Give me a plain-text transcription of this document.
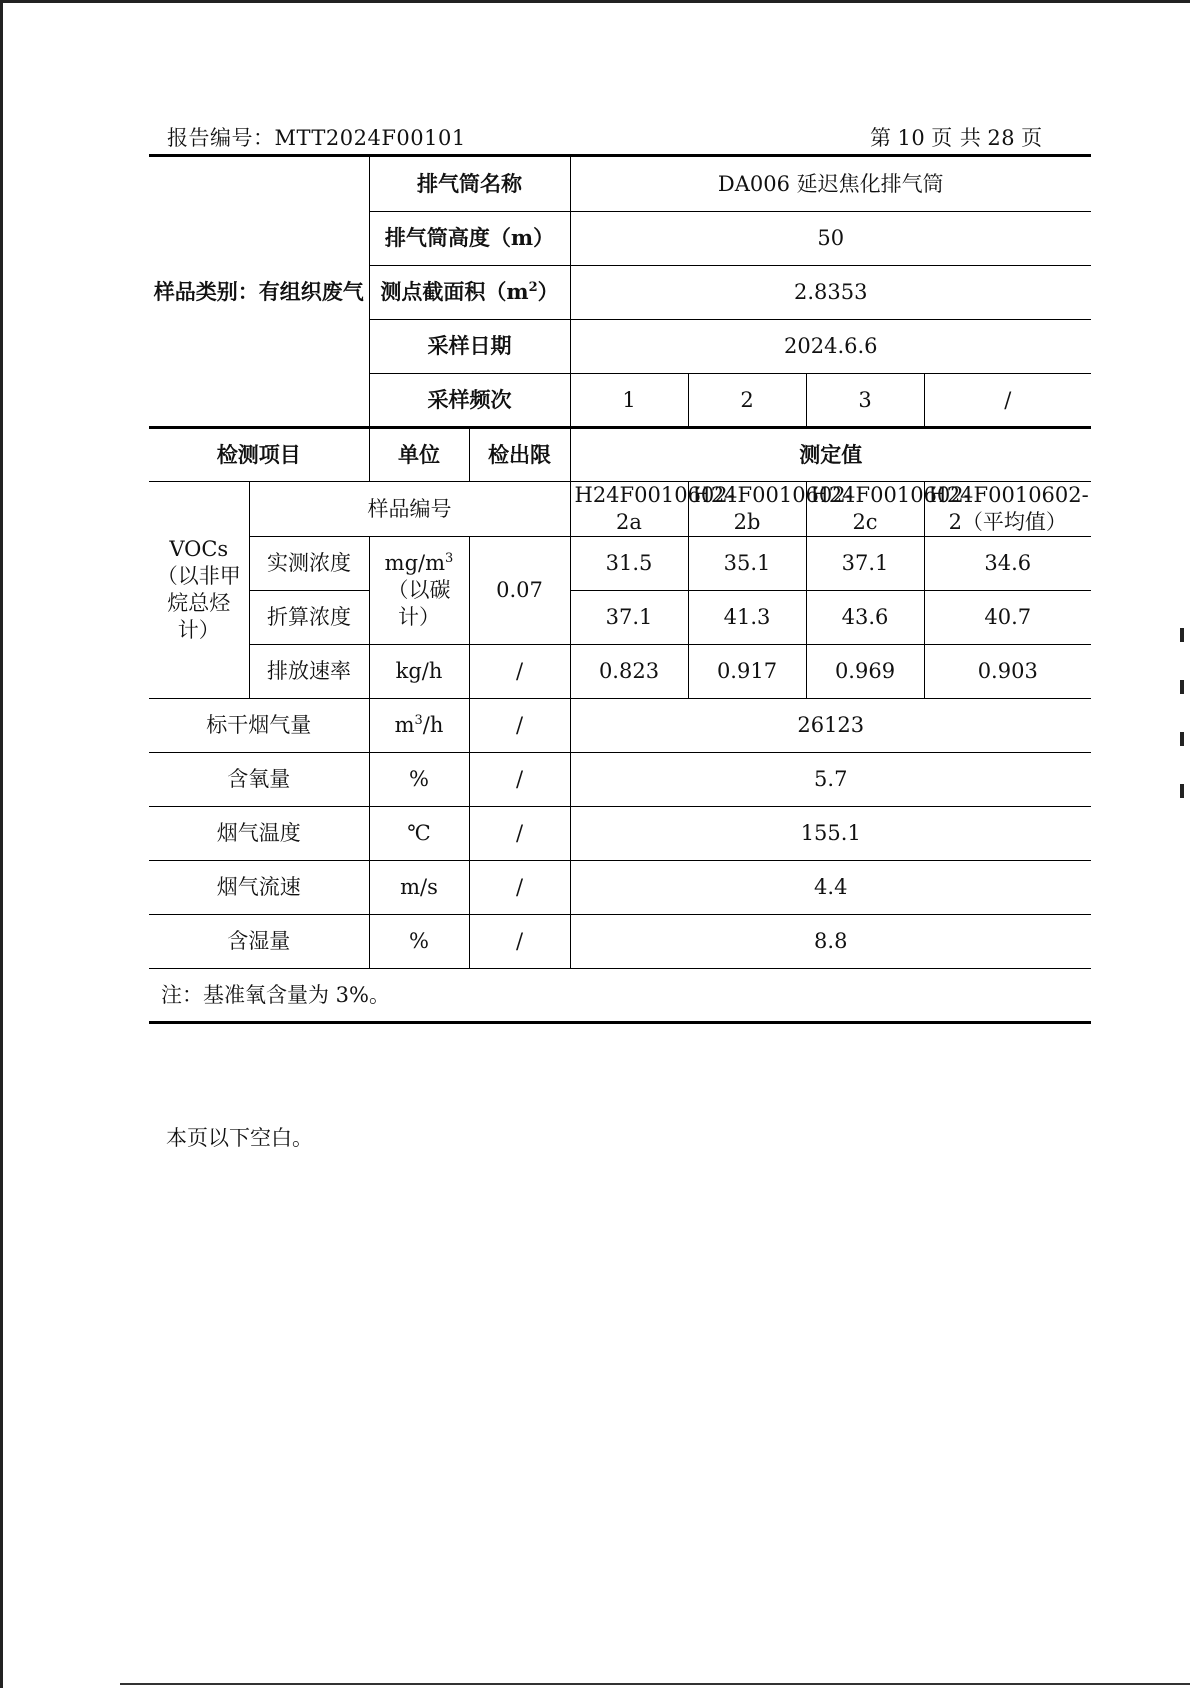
报告编号：MTT2024F00101	第 10 页 共 28 页
样品类别：有组织废气		排气筒名称		DA006 延迟焦化排气筒			
		排气筒高度（m）		50			
		测点截面积$(m^2)$		2.8353			
		采样日期		2024.6.6			
		采样频次		1	2	3	/
检测项目		单位	检出限	测定值			
VOCs（以非甲烷总烃计）	样品编号			H24F0010602-2a	H24F0010602-2b	H24F0010602-2c	H24F0010602-2（平均值）
	实测浓度	$mg/m^3$（以碳计）	0.07	31.5	35.1	37.1	34.6
	折算浓度			37.1	41.3	43.6	40.7
	排放速率	kg/h	/	0.823	0.917	0.969	0.903
标干烟气量		$m^3/h$	/	26123			
含氧量		%	/	5.7			
烟气温度		℃	/	155.1			
烟气流速		m/s	/	4.4			
含湿量		%	/	8.8			
注：基准氧含量为 3%。							
本页以下空白。
